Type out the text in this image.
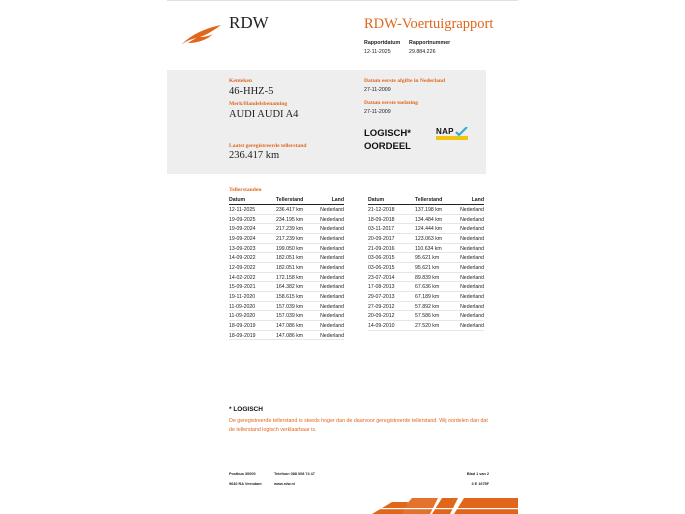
RDW	RDW-Voertuigrapport
Rapportdatum Rapportnummer
12-11-2025	29.884.226
Kenteken
46-HHZ-5
Merk/Handelsbenaming
AUDI AUDI A4
Laatst geregistreerde tellerstand
236.417 km
Datum eerste afgifte in Nederland
27-11-2009
Datum eerste toelating
27-11-2009
LOGISCH*
OORDEEL
NAP
Tellerstanden
Datum	Tellerstand	Land
12-11-2025	236.417 km	Nederland
19-09-2025	234.195 km	Nederland
19-09-2024	217.239 km	Nederland
19-09-2024	217.239 km	Nederland
13-09-2023	199.050 km	Nederland
14-09-2022	182.051 km	Nederland
12-09-2022	182.051 km	Nederland
14-02-2022	172.158 km	Nederland
15-09-2021	164.382 km	Nederland
19-11-2020	158.615 km	Nederland
11-09-2020	157.039 km	Nederland
11-09-2020	157.039 km	Nederland
18-09-2019	147.086 km	Nederland
18-09-2019	147.086 km	Nederland
Datum	Tellerstand	Land
21-12-2018	137.198 km	Nederland
18-09-2018	134.484 km	Nederland
03-11-2017	124.444 km	Nederland
20-09-2017	123.063 km	Nederland
21-09-2016	110.634 km	Nederland
03-06-2015	95.621 km	Nederland
03-06-2015	95.621 km	Nederland
23-07-2014	89.839 km	Nederland
17-08-2013	67.636 km	Nederland
29-07-2013	67.189 km	Nederland
27-09-2012	57.892 km	Nederland
20-09-2012	57.586 km	Nederland
14-09-2010	27.520 km	Nederland
* LOGISCH
De geregistreerde tellerstand is steeds hoger dan de daarvoor geregistreerde tellerstand. Wij oordelen dan dat de tellerstand logisch verklaarbaar is.
Postbus 30000
9640 RA Veendam
Telefoon 088 008 74 47
www.rdw.nl
Blad 1 van 2
3 E 1675F
